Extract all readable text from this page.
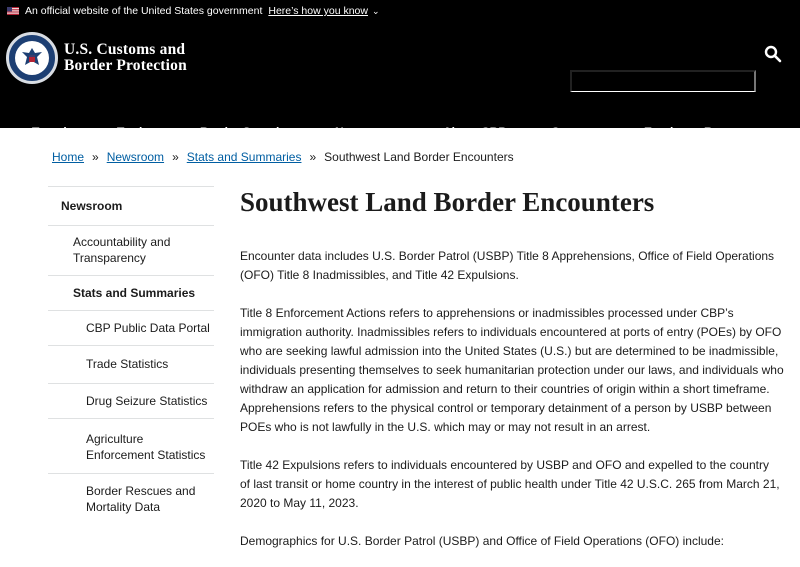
An official website of the United States government Here’s how you know ⌄
U.S. Customs and
Border Protection
Travel ⌄	Trade ⌄	Border Security ⌄	Newsroom ⌄	About CBP ⌄ Careers ⌄	Employee Resources ⌄
Home » Newsroom » Stats and Summaries » Southwest Land Border Encounters
Newsroom
Accountability and Transparency
Stats and Summaries
CBP Public Data Portal
Trade Statistics
Drug Seizure Statistics
Agriculture Enforcement Statistics
Border Rescues and Mortality Data
Southwest Land Border Encounters

Encounter data includes U.S. Border Patrol (USBP) Title 8 Apprehensions, Office of Field Operations (OFO) Title 8 Inadmissibles, and Title 42 Expulsions.

Title 8 Enforcement Actions refers to apprehensions or inadmissibles processed under CBP’s immigration authority. Inadmissibles refers to individuals encountered at ports of entry (POEs) by OFO who are seeking lawful admission into the United States (U.S.) but are determined to be inadmissible, individuals presenting themselves to seek humanitarian protection under our laws, and individuals who withdraw an application for admission and return to their countries of origin within a short timeframe. Apprehensions refers to the physical control or temporary detainment of a person by USBP between POEs who is not lawfully in the U.S. which may or may not result in an arrest.

Title 42 Expulsions refers to individuals encountered by USBP and OFO and expelled to the country of last transit or home country in the interest of public health under Title 42 U.S.C. 265 from March 21, 2020 to May 11, 2023.

Demographics for U.S. Border Patrol (USBP) and Office of Field Operations (OFO) include:
